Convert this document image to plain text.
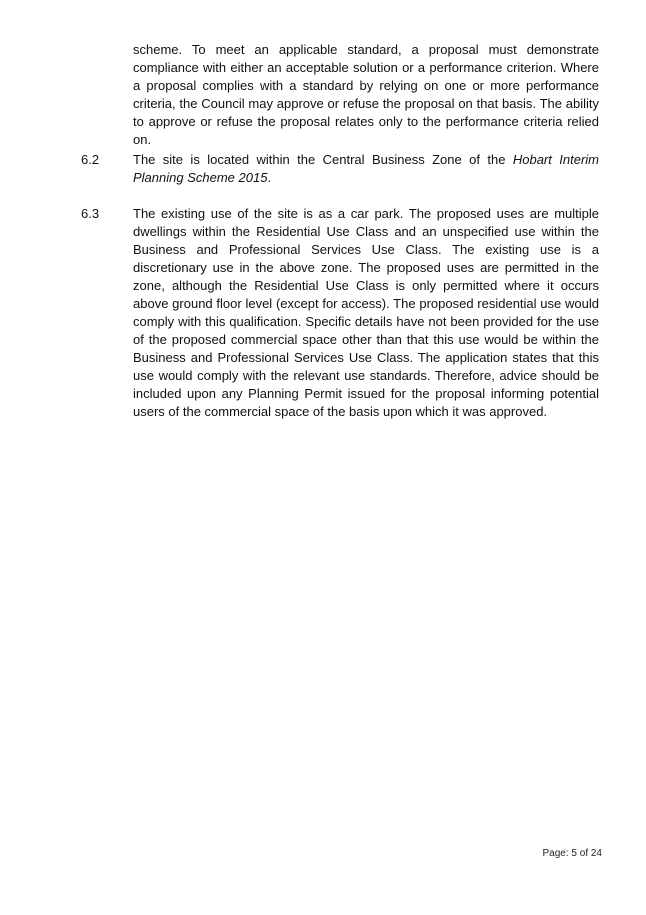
scheme. To meet an applicable standard, a proposal must demonstrate compliance with either an acceptable solution or a performance criterion. Where a proposal complies with a standard by relying on one or more performance criteria, the Council may approve or refuse the proposal on that basis. The ability to approve or refuse the proposal relates only to the performance criteria relied on.

6.2	The site is located within the Central Business Zone of the Hobart Interim Planning Scheme 2015.

6.3	The existing use of the site is as a car park. The proposed uses are multiple dwellings within the Residential Use Class and an unspecified use within the Business and Professional Services Use Class. The existing use is a discretionary use in the above zone. The proposed uses are permitted in the zone, although the Residential Use Class is only permitted where it occurs above ground floor level (except for access). The proposed residential use would comply with this qualification. Specific details have not been provided for the use of the proposed commercial space other than that this use would be within the Business and Professional Services Use Class. The application states that this use would comply with the relevant use standards. Therefore, advice should be included upon any Planning Permit issued for the proposal informing potential users of the commercial space of the basis upon which it was approved.

Page: 5 of 24
